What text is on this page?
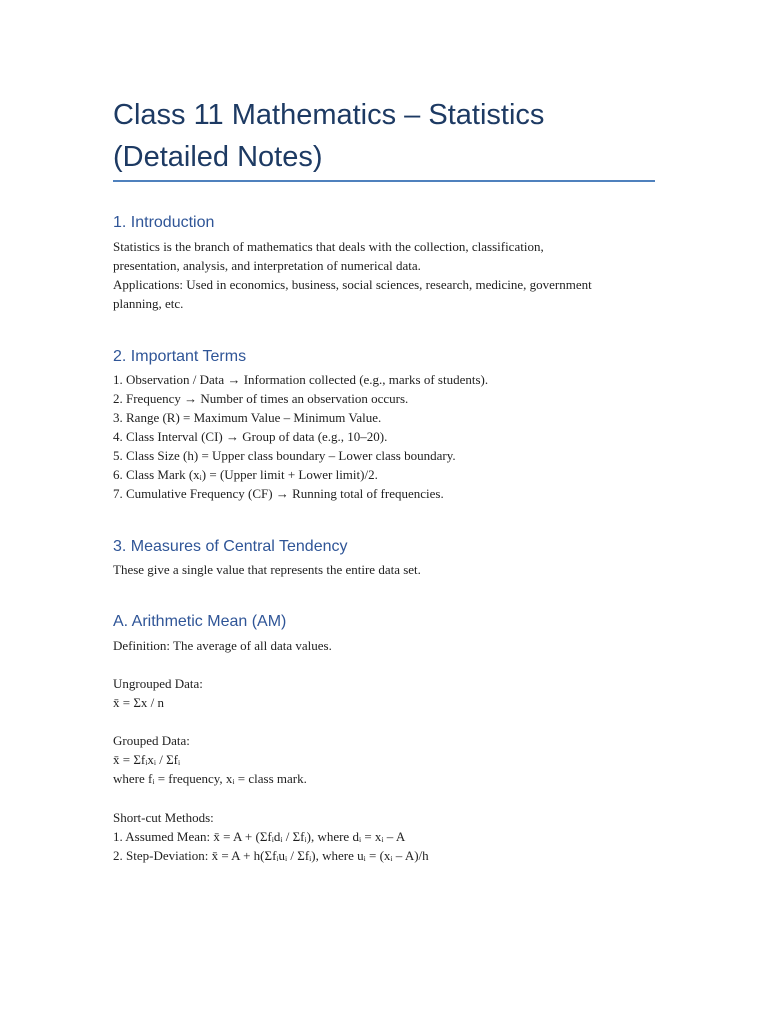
Class 11 Mathematics – Statistics
(Detailed Notes)
1. Introduction

Statistics is the branch of mathematics that deals with the collection, classification,

presentation, analysis, and interpretation of numerical data.

Applications: Used in economics, business, social sciences, research, medicine, government

planning, etc.

2. Important Terms

1. Observation / Data → Information collected (e.g., marks of students).

2. Frequency → Number of times an observation occurs.

3. Range (R) = Maximum Value – Minimum Value.

4. Class Interval (CI) → Group of data (e.g., 10–20).

5. Class Size (h) = Upper class boundary – Lower class boundary.

6. Class Mark (xᵢ) = (Upper limit + Lower limit)/2.

7. Cumulative Frequency (CF) → Running total of frequencies.

3. Measures of Central Tendency

These give a single value that represents the entire data set.

A. Arithmetic Mean (AM)

Definition: The average of all data values.

Ungrouped Data:

x̄ = Σx / n

Grouped Data:

x̄ = Σfᵢxᵢ / Σfᵢ

where fᵢ = frequency, xᵢ = class mark.

Short-cut Methods:

1. Assumed Mean: x̄ = A + (Σfᵢdᵢ / Σfᵢ), where dᵢ = xᵢ – A

2. Step-Deviation: x̄ = A + h(Σfᵢuᵢ / Σfᵢ), where uᵢ = (xᵢ – A)/h
